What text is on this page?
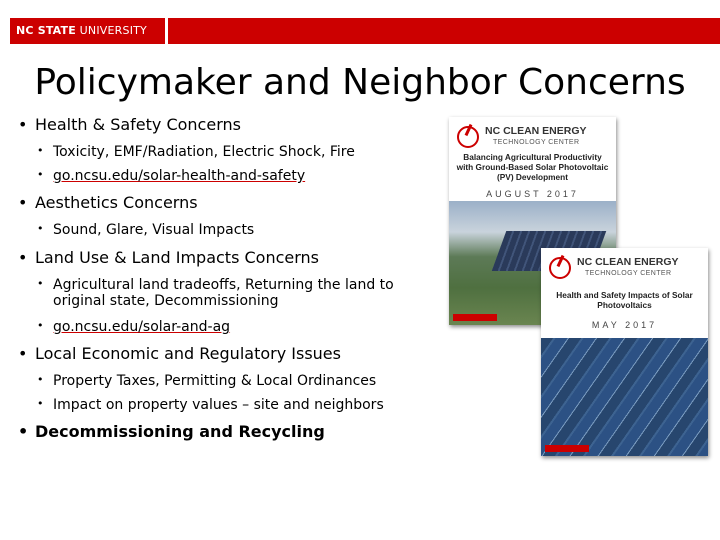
NC STATE UNIVERSITY
Policymaker and Neighbor Concerns

• Health & Safety Concerns

• Toxicity, EMF/Radiation, Electric Shock, Fire

• go.ncsu.edu/solar-health-and-safety

• Aesthetics Concerns

• Sound, Glare, Visual Impacts

• Land Use & Land Impacts Concerns

• Agricultural land tradeoffs, Returning the land to original state, Decommissioning

• go.ncsu.edu/solar-and-ag

• Local Economic and Regulatory Issues

• Property Taxes, Permitting & Local Ordinances

• Impact on property values – site and neighbors

• Decommissioning and Recycling

NC CLEAN ENERGY
TECHNOLOGY CENTER
Balancing Agricultural Productivity with Ground-Based Solar Photovoltaic (PV) Development
AUGUST 2017
NC CLEAN ENERGY
TECHNOLOGY CENTER
Health and Safety Impacts of Solar Photovoltaics
MAY 2017
